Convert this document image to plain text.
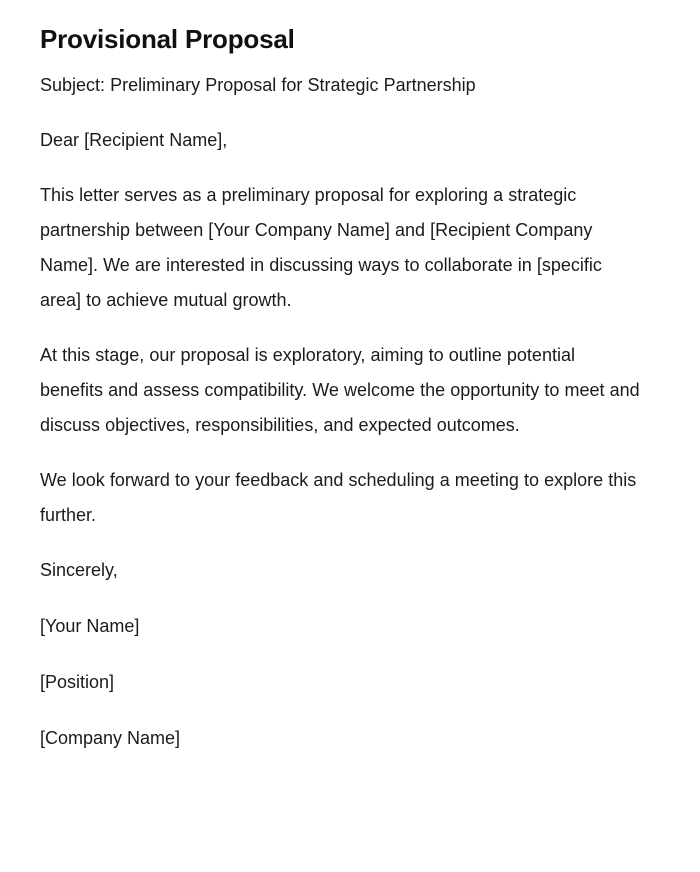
Provisional Proposal

Subject: Preliminary Proposal for Strategic Partnership

Dear [Recipient Name],

This letter serves as a preliminary proposal for exploring a strategic partnership between [Your Company Name] and [Recipient Company Name]. We are interested in discussing ways to collaborate in [specific area] to achieve mutual growth.

At this stage, our proposal is exploratory, aiming to outline potential benefits and assess compatibility. We welcome the opportunity to meet and discuss objectives, responsibilities, and expected outcomes.

We look forward to your feedback and scheduling a meeting to explore this further.

Sincerely,

[Your Name]

[Position]

[Company Name]
